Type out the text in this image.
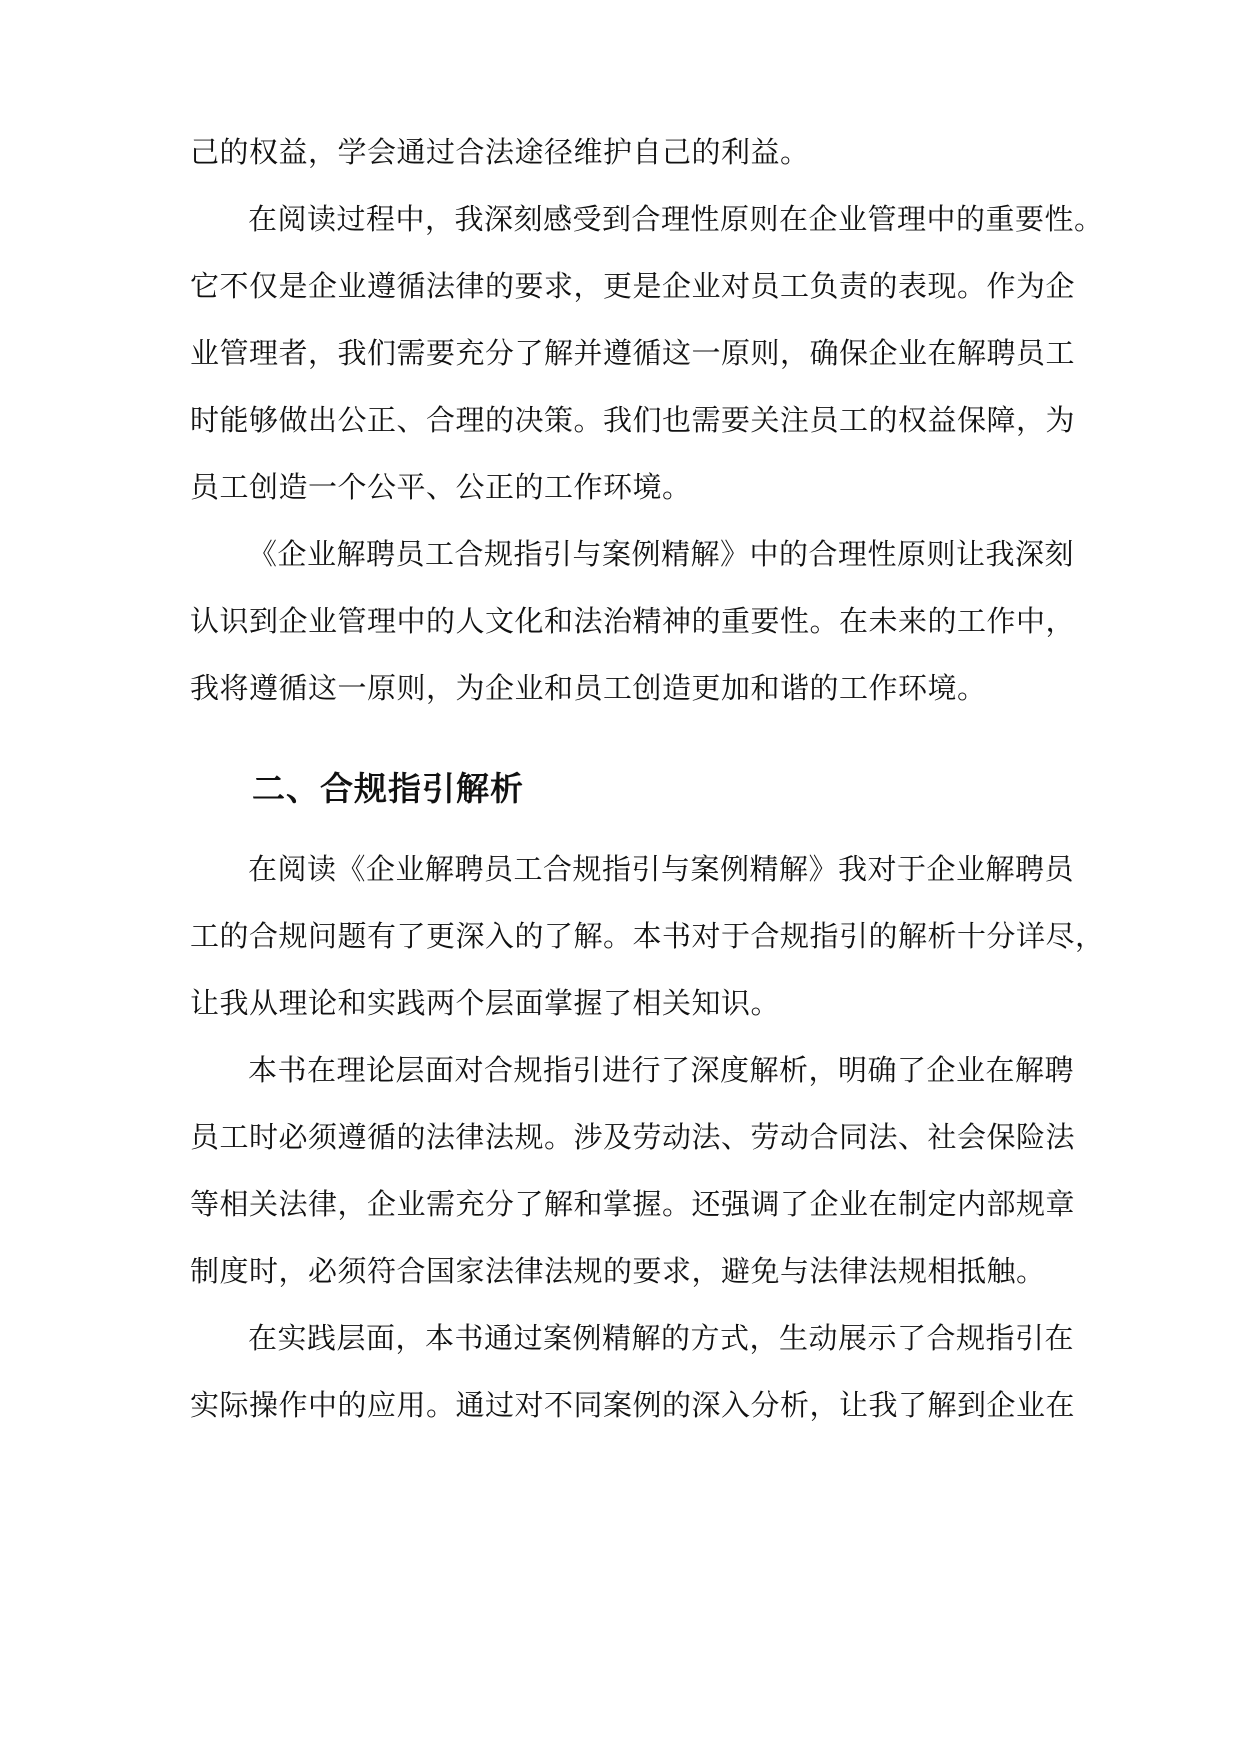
己的权益，学会通过合法途径维护自己的利益。
在阅读过程中，我深刻感受到合理性原则在企业管理中的重要性。
它不仅是企业遵循法律的要求，更是企业对员工负责的表现。作为企
业管理者，我们需要充分了解并遵循这一原则，确保企业在解聘员工
时能够做出公正、合理的决策。我们也需要关注员工的权益保障，为
员工创造一个公平、公正的工作环境。
《企业解聘员工合规指引与案例精解》中的合理性原则让我深刻
认识到企业管理中的人文化和法治精神的重要性。在未来的工作中，
我将遵循这一原则，为企业和员工创造更加和谐的工作环境。
二、合规指引解析
在阅读《企业解聘员工合规指引与案例精解》我对于企业解聘员
工的合规问题有了更深入的了解。本书对于合规指引的解析十分详尽，
让我从理论和实践两个层面掌握了相关知识。
本书在理论层面对合规指引进行了深度解析，明确了企业在解聘
员工时必须遵循的法律法规。涉及劳动法、劳动合同法、社会保险法
等相关法律，企业需充分了解和掌握。还强调了企业在制定内部规章
制度时，必须符合国家法律法规的要求，避免与法律法规相抵触。
在实践层面，本书通过案例精解的方式，生动展示了合规指引在
实际操作中的应用。通过对不同案例的深入分析，让我了解到企业在
